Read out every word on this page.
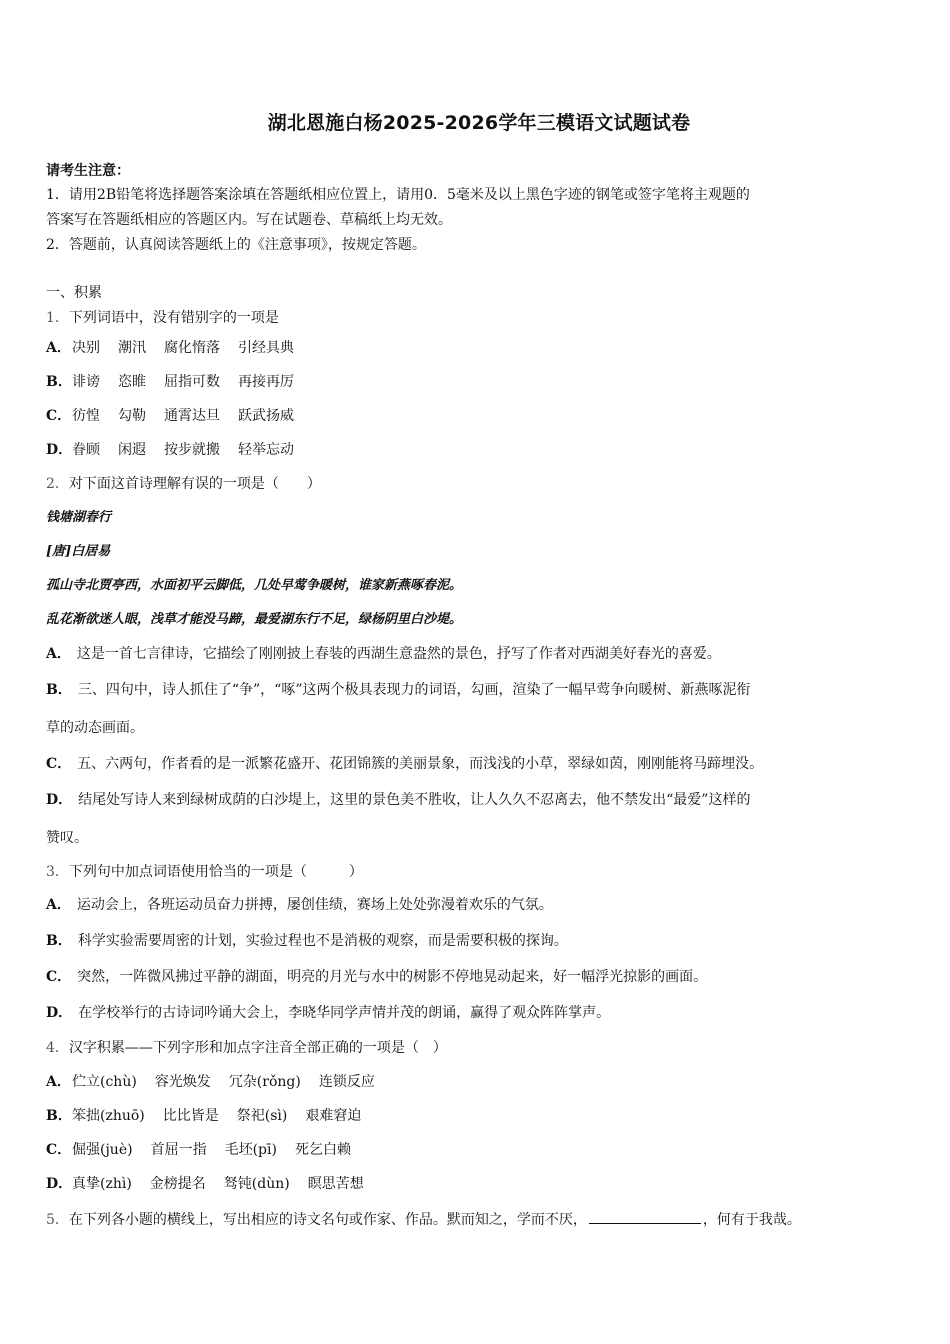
湖北恩施白杨2025-2026学年三模语文试题试卷
请考生注意：
1．请用2B铅笔将选择题答案涂填在答题纸相应位置上，请用0．5毫米及以上黑色字迹的钢笔或签字笔将主观题的
答案写在答题纸相应的答题区内。写在试题卷、草稿纸上均无效。
2．答题前，认真阅读答题纸上的《注意事项》，按规定答题。
一、积累
1．下列词语中，没有错别字的一项是
A．决别 潮汛 腐化惰落 引经具典
B．诽谤 恣睢 屈指可数 再接再厉
C．彷惶 勾勒 通霄达旦 跃武扬威
D．眷顾 闲遐 按步就搬 轻举忘动
2．对下面这首诗理解有误的一项是（　　）
钱塘湖春行
[唐]白居易
孤山寺北贾亭西，水面初平云脚低，几处早莺争暖树，谁家新燕啄春泥。
乱花渐欲迷人眼，浅草才能没马蹄，最爱湖东行不足，绿杨阴里白沙堤。

A． 这是一首七言律诗，它描绘了刚刚披上春装的西湖生意盎然的景色，抒写了作者对西湖美好春光的喜爱。

B． 三、四句中，诗人抓住了“争”，“啄”这两个极具表现力的词语，勾画，渲染了一幅早莺争向暖树、新燕啄泥衔
草的动态画面。

C． 五、六两句，作者看的是一派繁花盛开、花团锦簇的美丽景象，而浅浅的小草，翠绿如茵，刚刚能将马蹄埋没。

D． 结尾处写诗人来到绿树成荫的白沙堤上，这里的景色美不胜收，让人久久不忍离去，他不禁发出“最爱”这样的
赞叹。

3．下列句中加点词语使用恰当的一项是（　　　）

A． 运动会上，各班运动员奋力拼搏，屡创佳绩，赛场上处处弥漫着欢乐的气氛。

B． 科学实验需要周密的计划，实验过程也不是消极的观察，而是需要积极的探询。

C． 突然，一阵微风拂过平静的湖面，明亮的月光与水中的树影不停地晃动起来，好一幅浮光掠影的画面。

D． 在学校举行的古诗词吟诵大会上，李晓华同学声情并茂的朗诵，赢得了观众阵阵掌声。

4．汉字积累——下列字形和加点字注音全部正确的一项是（　）
A．伫立(chù) 容光焕发 冗杂(rǒng) 连锁反应
B．笨拙(zhuō) 比比皆是 祭祀(sì) 艰难窘迫
C．倔强(juè) 首屈一指 毛坯(pī) 死乞白赖
D．真挚(zhì) 金榜提名 驽钝(dùn) 瞑思苦想
5．在下列各小题的横线上，写出相应的诗文名句或作家、作品。默而知之，学而不厌，	，何有于我哉。
